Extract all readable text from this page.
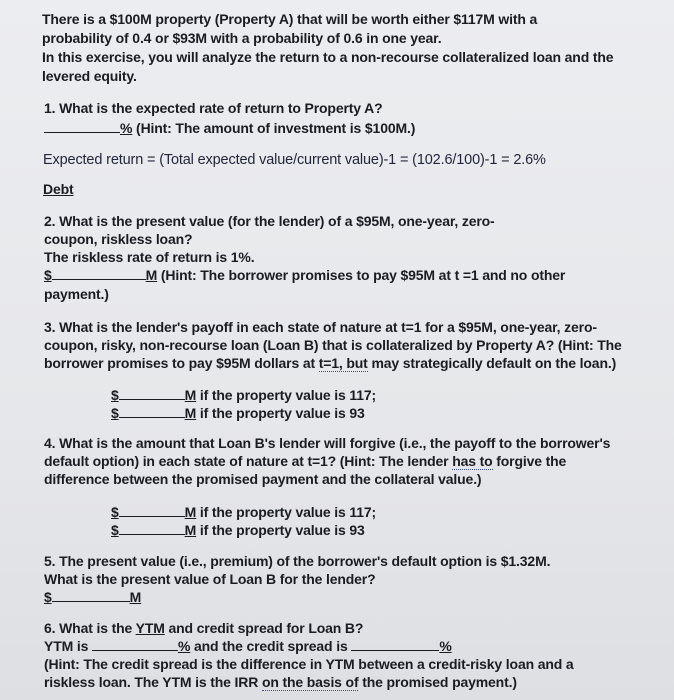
There is a $100M property (Property A) that will be worth either $117M with a
probability of 0.4 or $93M with a probability of 0.6 in one year.
In this exercise, you will analyze the return to a non-recourse collateralized loan and the
levered equity.
1. What is the expected rate of return to Property A?
% (Hint: The amount of investment is $100M.)
Expected return = (Total expected value/current value)-1 = (102.6/100)-1 = 2.6%
Debt
2. What is the present value (for the lender) of a $95M, one-year, zero-
coupon, riskless loan?
The riskless rate of return is 1%.
$	M (Hint: The borrower promises to pay $95M at t =1 and no other
payment.)
3. What is the lender's payoff in each state of nature at t=1 for a $95M, one-year, zero-
coupon, risky, non-recourse loan (Loan B) that is collateralized by Property A? (Hint: The
borrower promises to pay $95M dollars at t=1, but may strategically default on the loan.)
$	M if the property value is 117;
$	M if the property value is 93
4. What is the amount that Loan B's lender will forgive (i.e., the payoff to the borrower's
default option) in each state of nature at t=1? (Hint: The lender has to forgive the
difference between the promised payment and the collateral value.)
$	M if the property value is 117;
$	M if the property value is 93
5. The present value (i.e., premium) of the borrower's default option is $1.32M.
What is the present value of Loan B for the lender?
$	M
6. What is the YTM and credit spread for Loan B?
YTM is	% and the credit spread is	%
(Hint: The credit spread is the difference in YTM between a credit-risky loan and a
riskless loan. The YTM is the IRR on the basis of the promised payment.)
